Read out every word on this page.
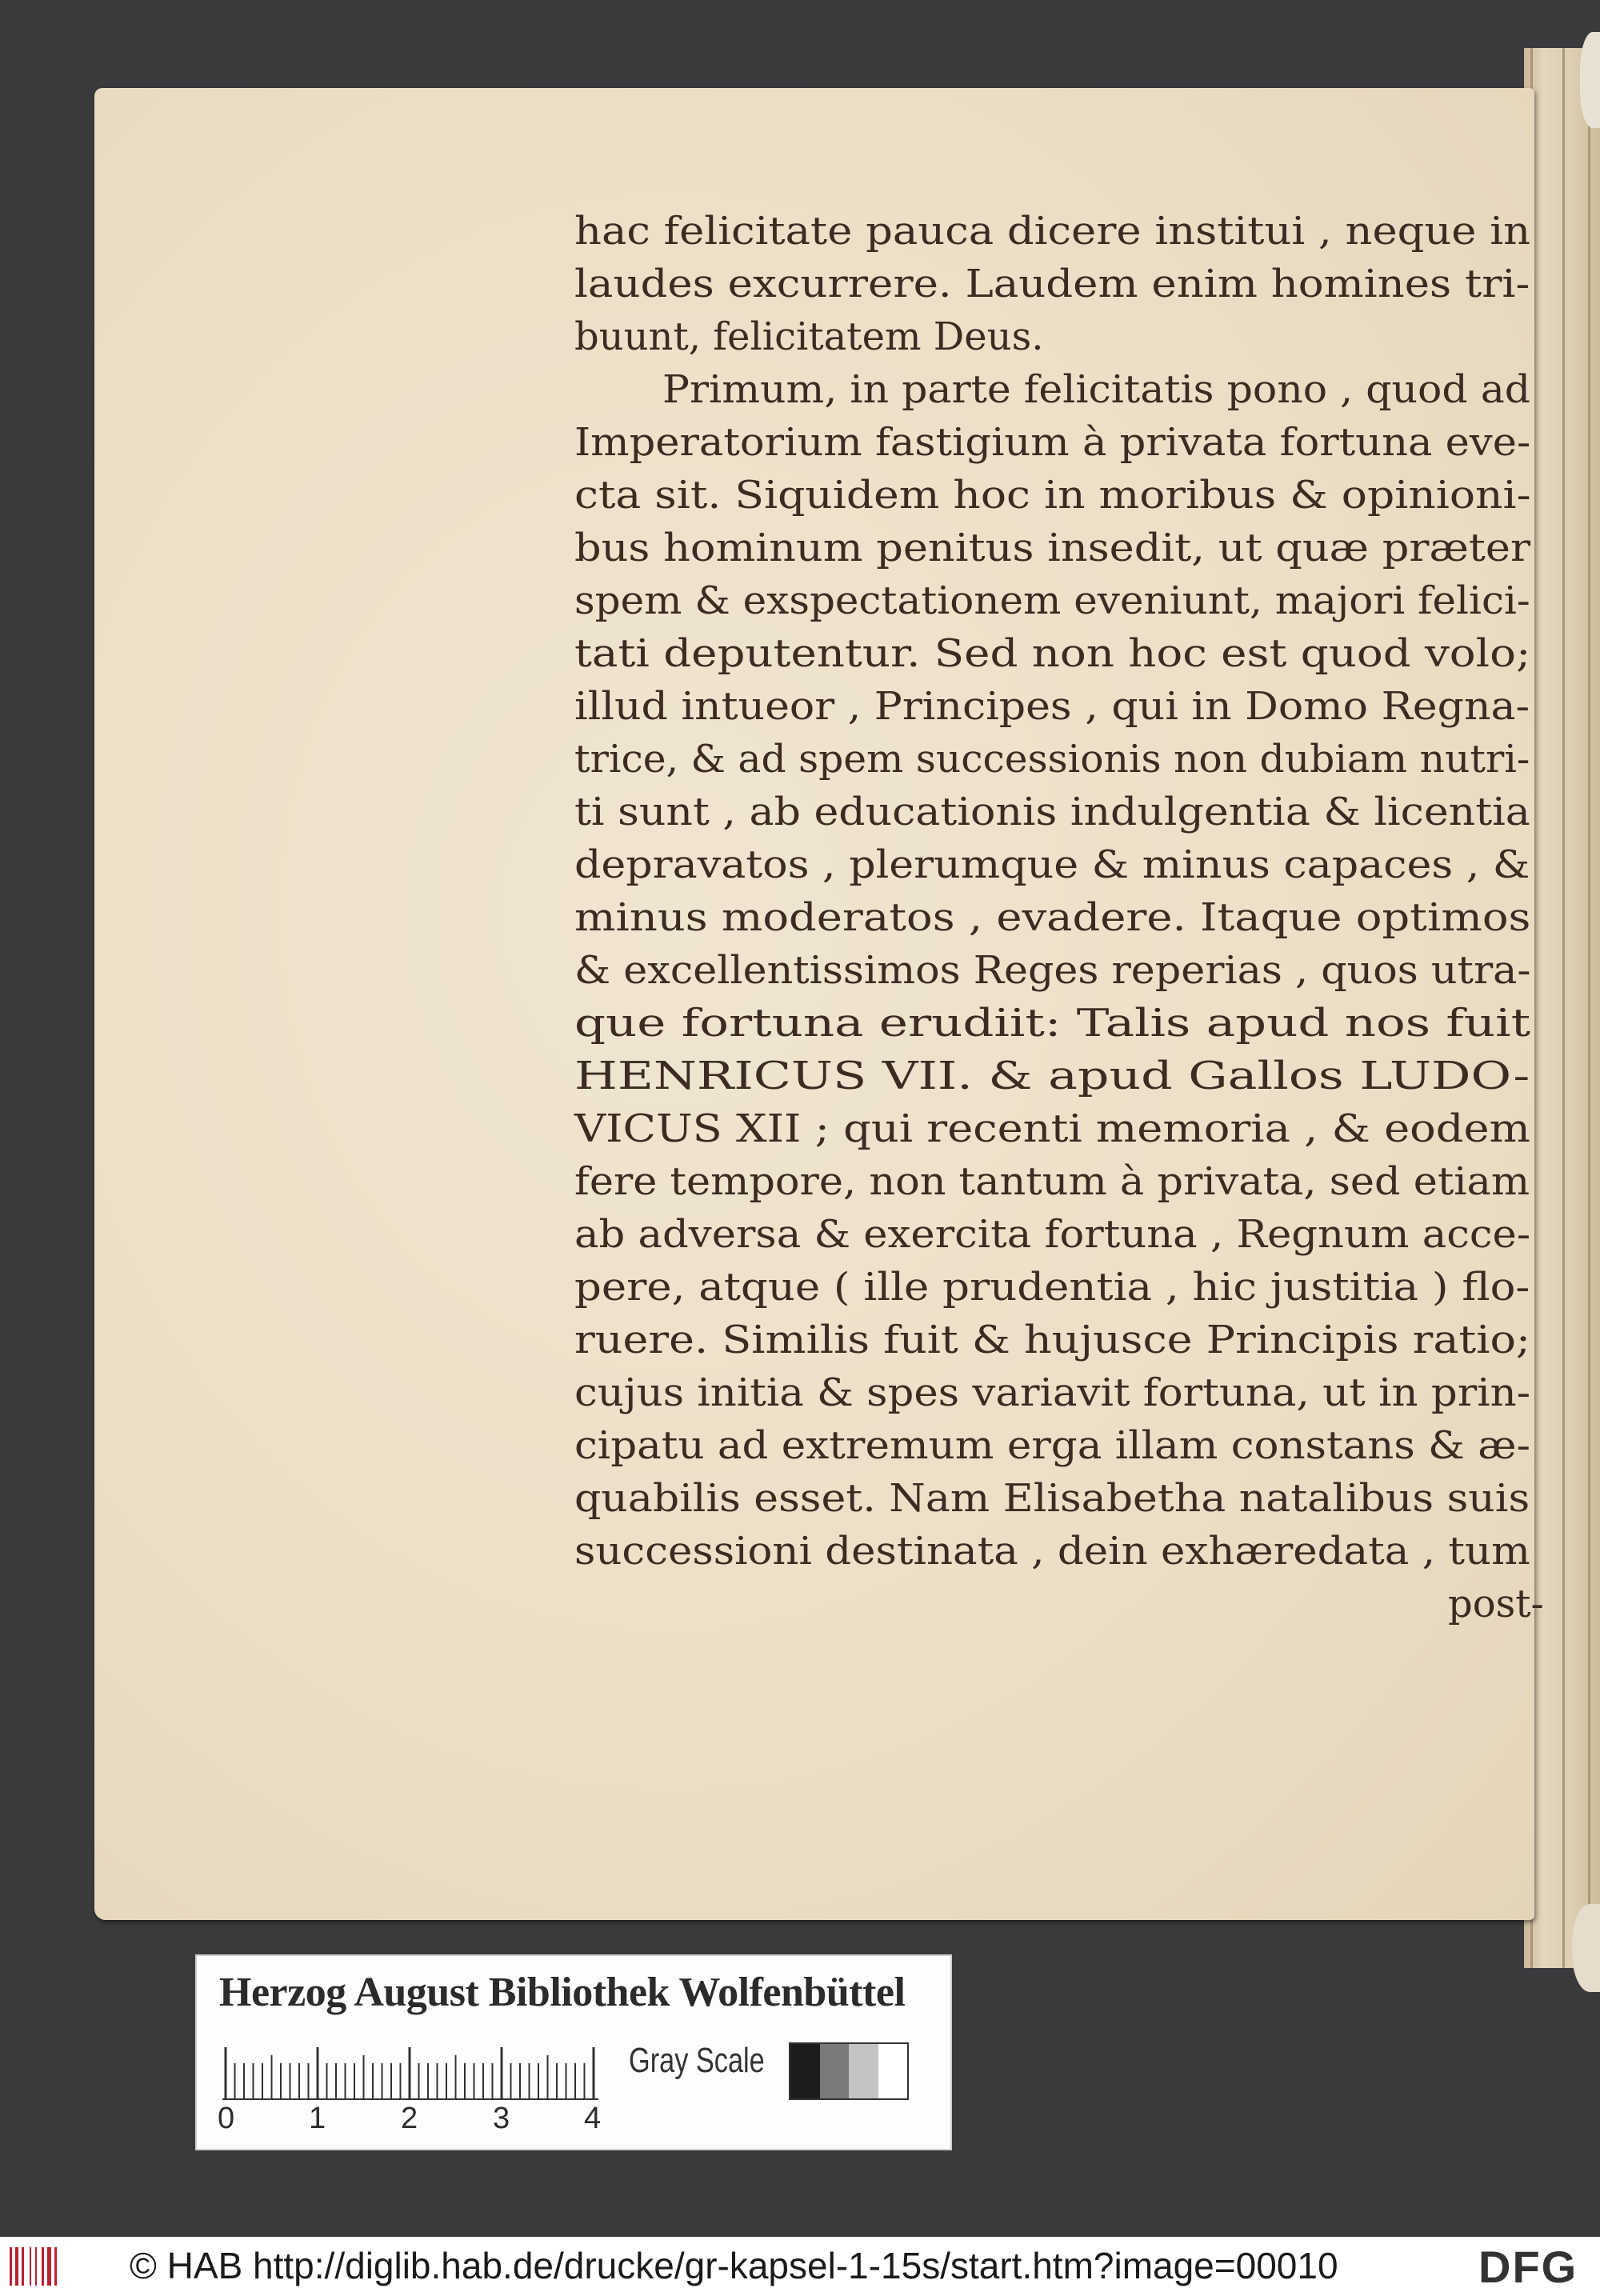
hac felicitate pauca dicere institui , neque in
laudes excurrere. Laudem enim homines tri-
buunt, felicitatem Deus.
Primum, in parte felicitatis pono , quod ad
Imperatorium fastigium à privata fortuna eve-
cta sit. Siquidem hoc in moribus & opinioni-
bus hominum penitus insedit, ut quæ præter
spem & exspectationem eveniunt, majori felici-
tati deputentur. Sed non hoc est quod volo;
illud intueor , Principes , qui in Domo Regna-
trice, & ad spem successionis non dubiam nutri-
ti sunt , ab educationis indulgentia & licentia
depravatos , plerumque & minus capaces , &
minus moderatos , evadere. Itaque optimos
& excellentissimos Reges reperias , quos utra-
que fortuna erudiit: Talis apud nos fuit
HENRICUS VII. & apud Gallos LUDO-
VICUS XII ; qui recenti memoria , & eodem
fere tempore, non tantum à privata, sed etiam
ab adversa & exercita fortuna , Regnum acce-
pere, atque ( ille prudentia , hic justitia ) flo-
ruere. Similis fuit & hujusce Principis ratio;
cujus initia & spes variavit fortuna, ut in prin-
cipatu ad extremum erga illam constans & æ-
quabilis esset. Nam Elisabetha natalibus suis
successioni destinata , dein exhæredata , tum
post-
Herzog August Bibliothek Wolfenbüttel
0 1 2 3 4
Gray Scale
© HAB http://diglib.hab.de/drucke/gr-kapsel-1-15s/start.htm?image=00010	DFG
